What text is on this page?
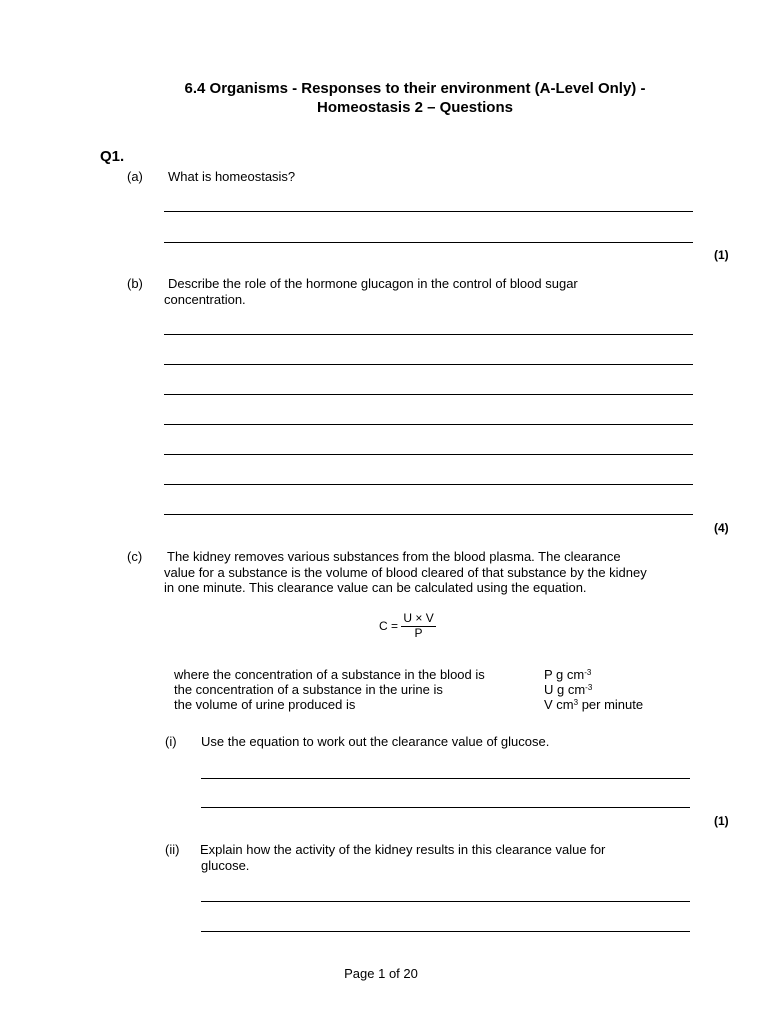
6.4 Organisms - Responses to their environment (A-Level Only) -
Homeostasis 2 – Questions
Q1.
(a) What is homeostasis?
(1)
(b)	Describe the role of the hormone glucagon in the control of blood sugar
concentration.
(4)
(c) The kidney removes various substances from the blood plasma. The clearance
value for a substance is the volume of blood cleared of that substance by the kidney
in one minute. This clearance value can be calculated using the equation.
$C = \frac{U \times V}{P}$
where the concentration of a substance in the blood is	P g $cm^{-3}$
the concentration of a substance in the urine is	U g $cm^{-3}$
the volume of urine produced is	V $cm^3$ per minute
(i) Use the equation to work out the clearance value of glucose.
(1)
(ii) Explain how the activity of the kidney results in this clearance value for
glucose.
Page 1 of 20
